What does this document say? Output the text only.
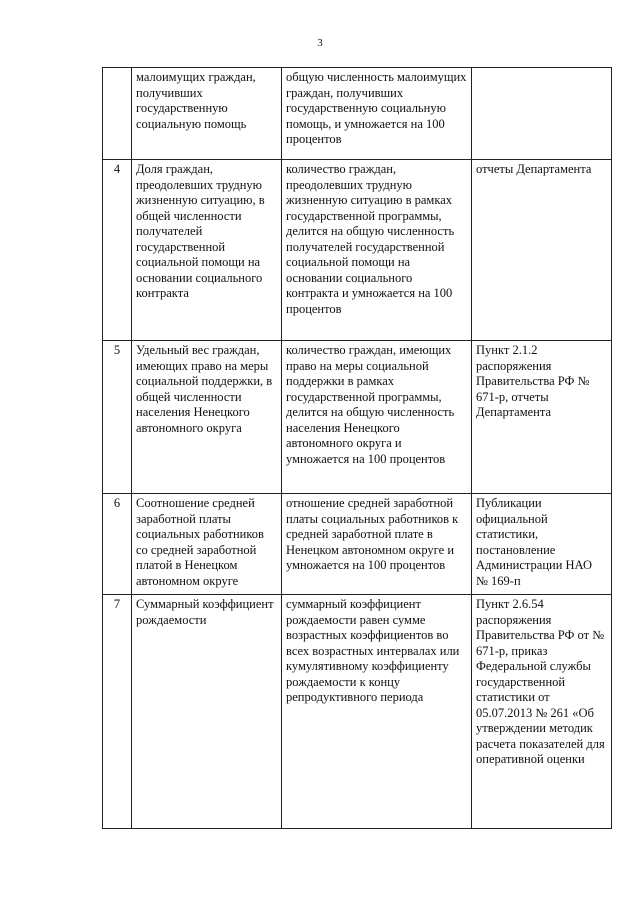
3
	малоимущих граждан, получивших государственную социальную помощь	общую численность малоимущих граждан, получивших государственную социальную помощь, и умножается на 100 процентов	
4	Доля граждан, преодолевших трудную жизненную ситуацию, в общей численности получателей государственной социальной помощи на основании социального контракта	количество граждан, преодолевших трудную жизненную ситуацию в рамках государственной программы, делится на общую численность получателей государственной социальной помощи на основании социального контракта и умножается на 100 процентов	отчеты Департамента
5	Удельный вес граждан, имеющих право на меры социальной поддержки, в общей численности населения Ненецкого автономного округа	количество граждан, имеющих право на меры социальной поддержки в рамках государственной программы, делится на общую численность населения Ненецкого автономного округа и умножается на 100 процентов	Пункт 2.1.2 распоряжения Правительства РФ № 671-р, отчеты Департамента
6	Соотношение средней заработной платы социальных работников со средней заработной платой в Ненецком автономном округе	отношение средней заработной платы социальных работников к средней заработной плате в Ненецком автономном округе и умножается на 100 процентов	Публикации официальной статистики, постановление Администрации НАО № 169-п
7	Суммарный коэффициент рождаемости	суммарный коэффициент рождаемости равен сумме возрастных коэффициентов во всех возрастных интервалах или кумулятивному коэффициенту рождаемости к концу репродуктивного периода	Пункт 2.6.54 распоряжения Правительства РФ от № 671-р, приказ Федеральной службы государственной статистики от 05.07.2013 № 261 «Об утверждении методик расчета показателей для оперативной оценки
